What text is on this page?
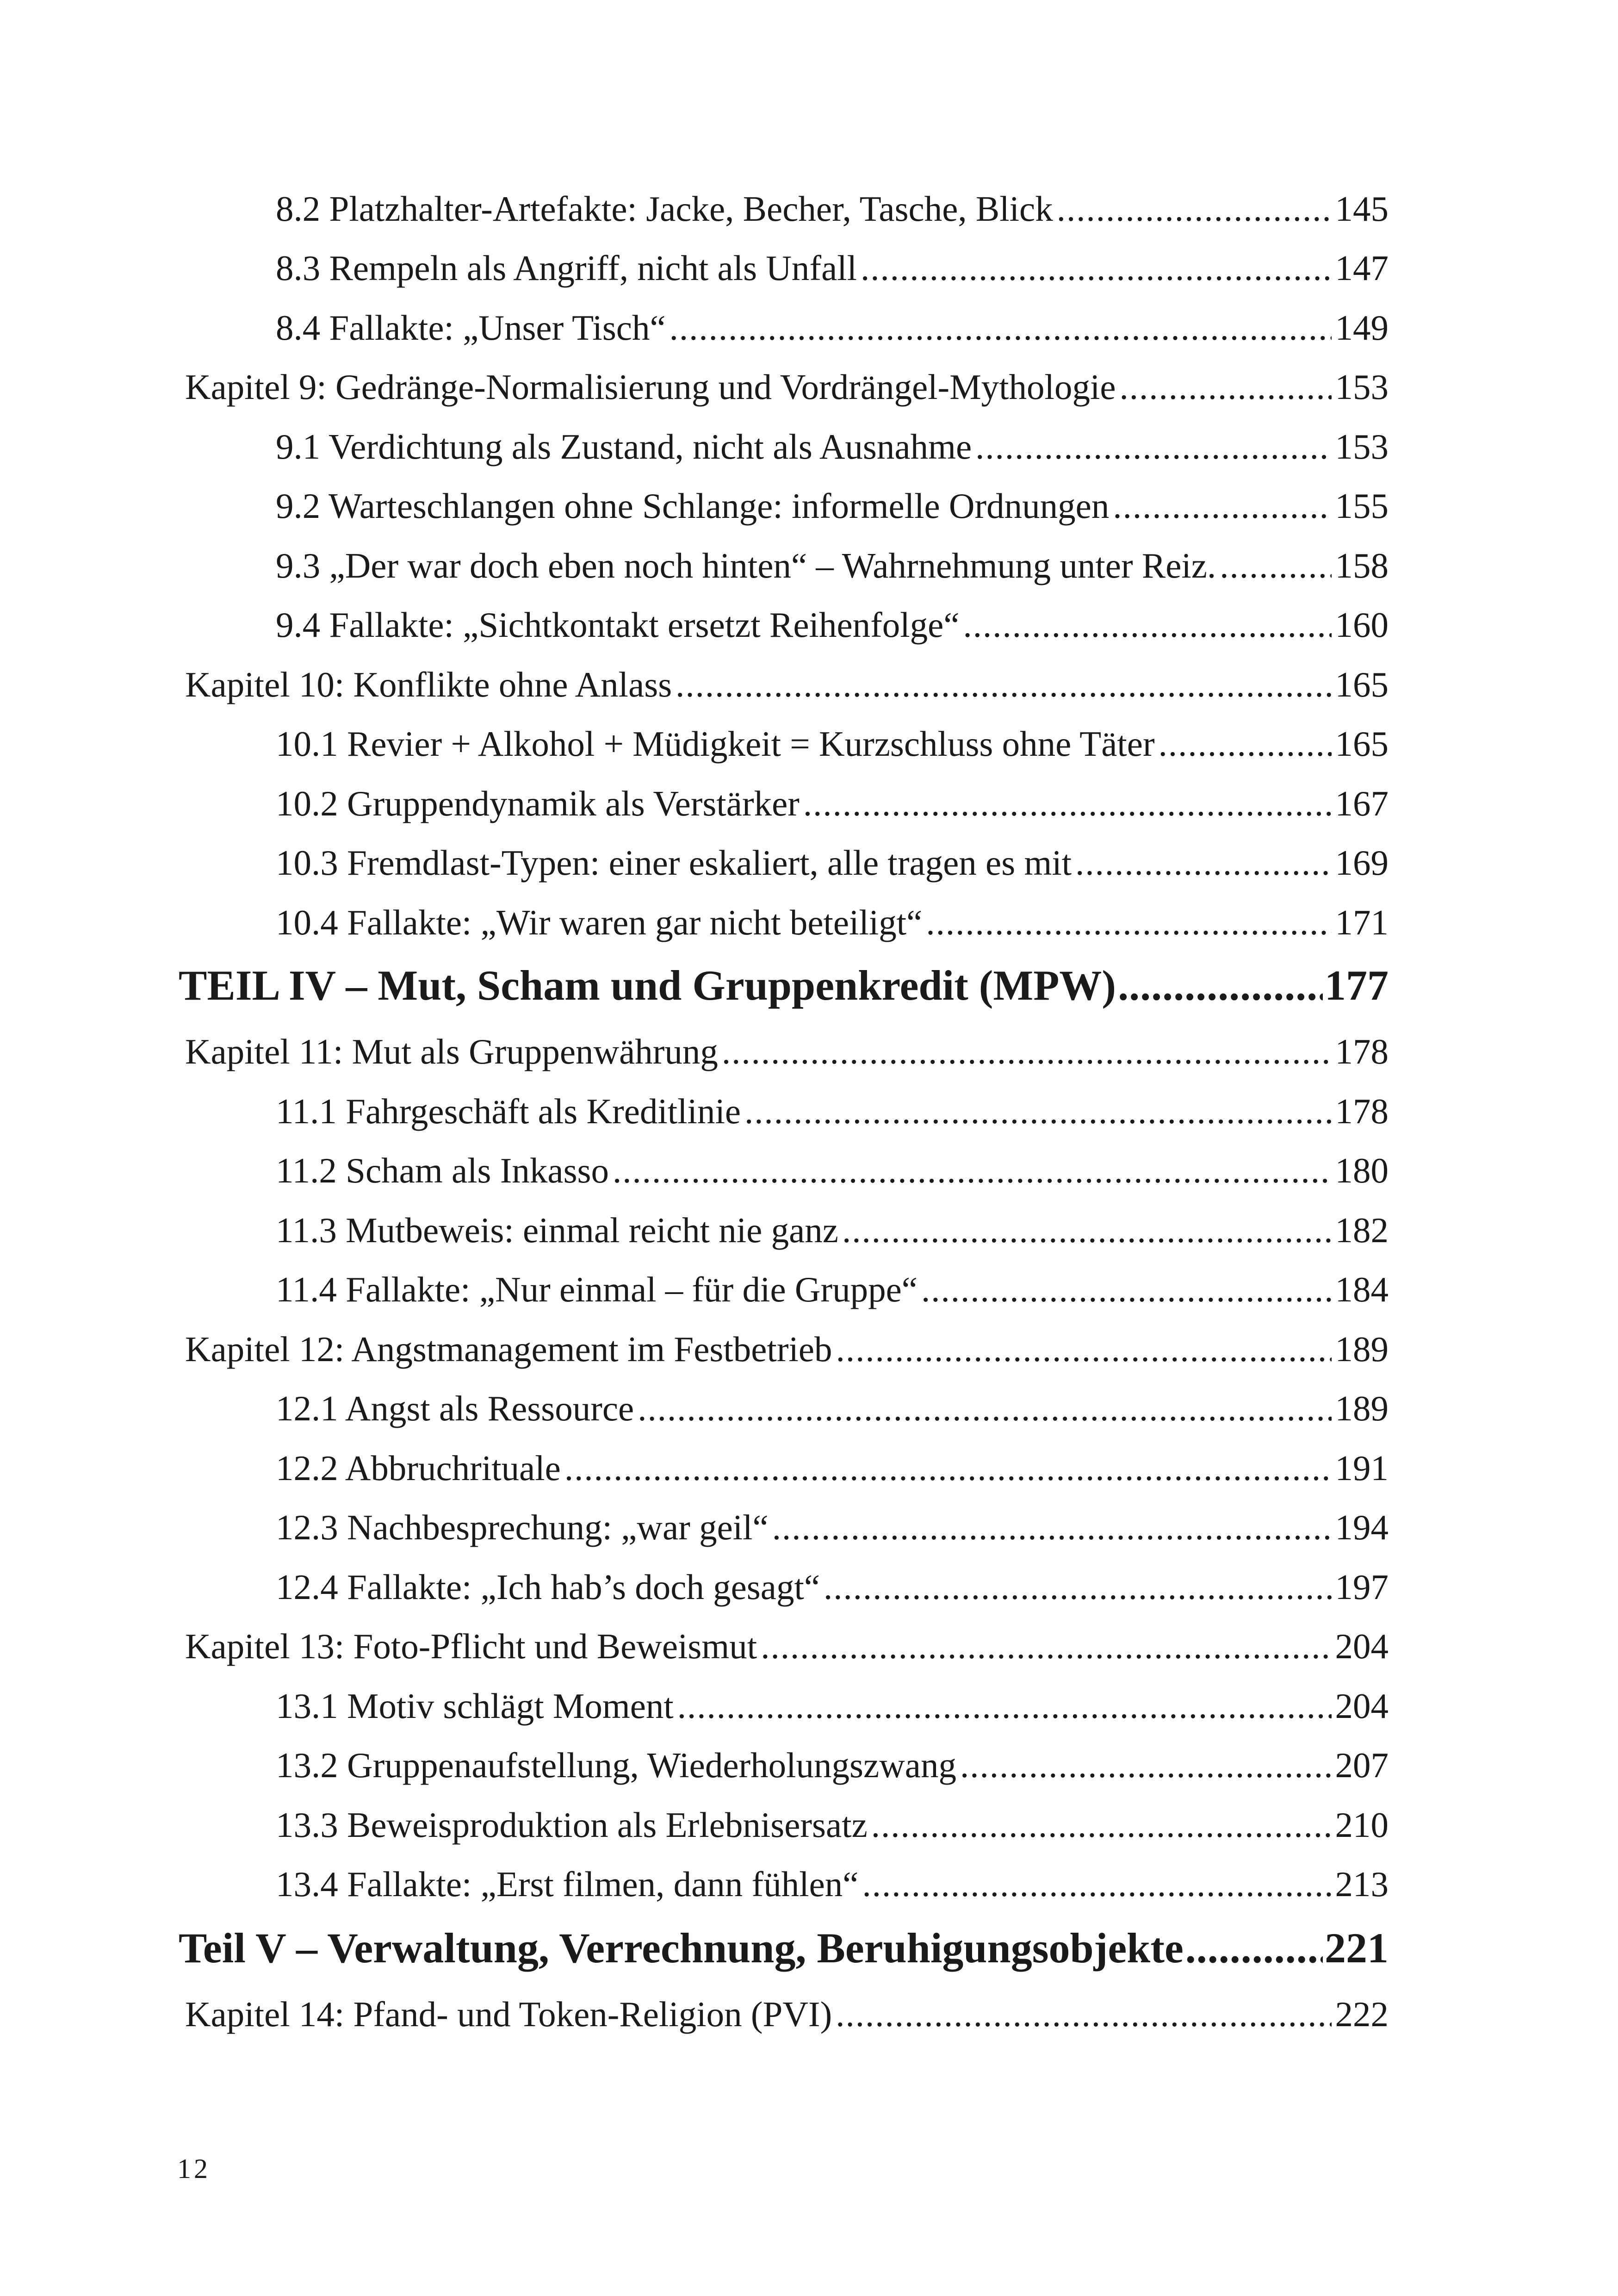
8.2 Platzhalter-Artefakte: Jacke, Becher, Tasche, Blick .....	145
8.3 Rempeln als Angriff, nicht als Unfall .....	147
8.4 Fallakte: „Unser Tisch“ .....	149
Kapitel 9: Gedränge-Normalisierung und Vordrängel-Mythologie .....	153
9.1 Verdichtung als Zustand, nicht als Ausnahme .....	153
9.2 Warteschlangen ohne Schlange: informelle Ordnungen .....	155
9.3 „Der war doch eben noch hinten“ – Wahrnehmung unter Reiz. .....	158
9.4 Fallakte: „Sichtkontakt ersetzt Reihenfolge“ .....	160
Kapitel 10: Konflikte ohne Anlass .....	165
10.1 Revier + Alkohol + Müdigkeit = Kurzschluss ohne Täter .....	165
10.2 Gruppendynamik als Verstärker .....	167
10.3 Fremdlast-Typen: einer eskaliert, alle tragen es mit .....	169
10.4 Fallakte: „Wir waren gar nicht beteiligt“ .....	171
TEIL IV – Mut, Scham und Gruppenkredit (MPW) .....	177
Kapitel 11: Mut als Gruppenwährung .....	178
11.1 Fahrgeschäft als Kreditlinie .....	178
11.2 Scham als Inkasso .....	180
11.3 Mutbeweis: einmal reicht nie ganz .....	182
11.4 Fallakte: „Nur einmal – für die Gruppe“ .....	184
Kapitel 12: Angstmanagement im Festbetrieb .....	189
12.1 Angst als Ressource .....	189
12.2 Abbruchrituale .....	191
12.3 Nachbesprechung: „war geil“ .....	194
12.4 Fallakte: „Ich hab’s doch gesagt“ .....	197
Kapitel 13: Foto-Pflicht und Beweismut .....	204
13.1 Motiv schlägt Moment .....	204
13.2 Gruppenaufstellung, Wiederholungszwang .....	207
13.3 Beweisproduktion als Erlebnisersatz .....	210
13.4 Fallakte: „Erst filmen, dann fühlen“ .....	213
Teil V – Verwaltung, Verrechnung, Beruhigungsobjekte .....	221
Kapitel 14: Pfand- und Token-Religion (PVI) .....	222
12
